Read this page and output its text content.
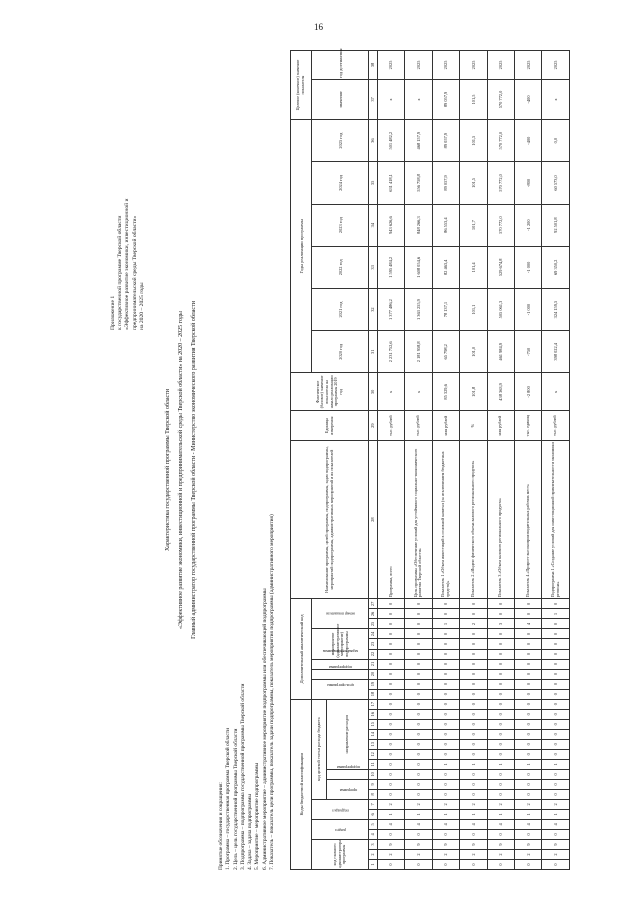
16
Приложение 1 к государственной программе Тверской области «Эффективное развитие экономики, инвестиционной и предпринимательской среды Тверской области» на 2020 – 2025 годы
Характеристика государственной программы Тверской области «Эффективное развитие экономики, инвестиционной и предпринимательской среды Тверской области» на 2020 – 2025 годы Главный администратор государственной программы Тверской области - Министерство экономического развития Тверской области
Принятые обозначения и сокращения: 1. Программа – государственная программа Тверской области 2. Цель – цель государственной программы Тверской области 3. Подпрограмма – подпрограмма государственной программы Тверской области 4. Задача – задача подпрограммы 5. Мероприятие – мероприятие подпрограммы 6. Административное мероприятие – административное мероприятие подпрограммы или обеспечивающей подпрограммы 7. Показатель – показатель цели программы, показатель задачи подпрограммы, показатель мероприятия подпрограммы (административного мероприятия)	Коды бюджетной классификации																	Дополнительный аналитический код										Наименование программы, целей программы, подпрограммы, задач подпрограммы, мероприятий подпрограммы, административных мероприятий и их показателей	Единица измерения	Фактическое (базовое) значение показателя на начало реализации программы 2019 год	Годы реализации программы						Целевое (конечное) значение показателя	
код главного администратора программы			раздел		подраздел		код целевой статьи расхода бюджета										цель программы		подпрограмма	задача подпрограммы	мероприятие (административное мероприятие) подпрограммы			номер показателя						2020 год	2021 год	2022 год	2023 год	2024 год	2025 год	значение	год достижения
							программа		подпрограмма	направление расходов																											
1	2	3	4	5	6	7	8	9	10	11	12	13	14	15	16	17	18	19	20	21	22	23	24	25	26	27	28	29	30	31	32	33	34	35	36	37	38
0	2	9	0	4	1	2	0	0	0	0	0	0	0	0	0	0	0	0	0	0	0	0	0	0	0	0	Программа, всего	тыс. рублей	х	2 231 752,6	1 377 486,2	1 595 484,2	943 626,6	631 418,1	501 482,2	х	2025
0	2	9	0	4	1	2	0	0	0	0	0	0	0	0	0	0	0	0	0	0	0	0	0	0	0	0	Цель программы «Обеспечение условий для устойчивого социально-экономического развития Тверской области»	тыс. рублей	х	2 181 958,8	1 363 255,9	1 608 054,6	848 266,3	556 758,8	468 157,9	х	2025
0	2	9	0	4	1	2	0	0	0	1	0	0	0	0	0	0	0	0	0	0	0	0	0	1	0	0	Показатель 1 «Объем инвестиций в основной капитал (за исключением бюджетных средств)»	млн рублей	85 329,6	65 798,2	78 137,1	82 463,4	86 553,4	89 057,9	89 057,9	89 057,9	2025
0	2	9	0	4	1	2	0	0	0	1	0	0	0	0	0	0	0	0	0	0	0	0	0	2	0	0	Показатель 2 «Индекс физического объема валового регионального продукта»	%	101,8	101,0	101,1	101,4	101,7	101,5	101,5	101,5	2025
0	2	9	0	4	1	2	0	0	0	1	0	0	0	0	0	0	0	0	0	0	0	0	0	3	0	0	Показатель 3 «Объем валового регионального продукта»	млн рублей	438 363,9	461 984,9	505 061,3	529 674,8	570 772,0	570 772,0	570 772,0	570 772,0	2025
0	2	9	0	4	1	2	0	0	0	1	0	0	0	0	0	0	0	0	0	0	0	0	0	4	0	0	Показатель 4 «Прирост высокопроизводительных рабочих мест»	тыс. единиц	-2 800	-750	-1 000	-1 000	-1 200	-800	-400	-400	2025
0	2	9	0	4	1	2	0	0	0	1	0	0	0	0	0	0	0	0	0	0	0	0	0	0	1	0	Подпрограмма 1 «Создание условий для инвестиционной привлекательности экономики региона»	тыс. рублей	х	398 022,4	324 159,5	69 350,2	92 501,8	60 573,0	0,0	х	2025
